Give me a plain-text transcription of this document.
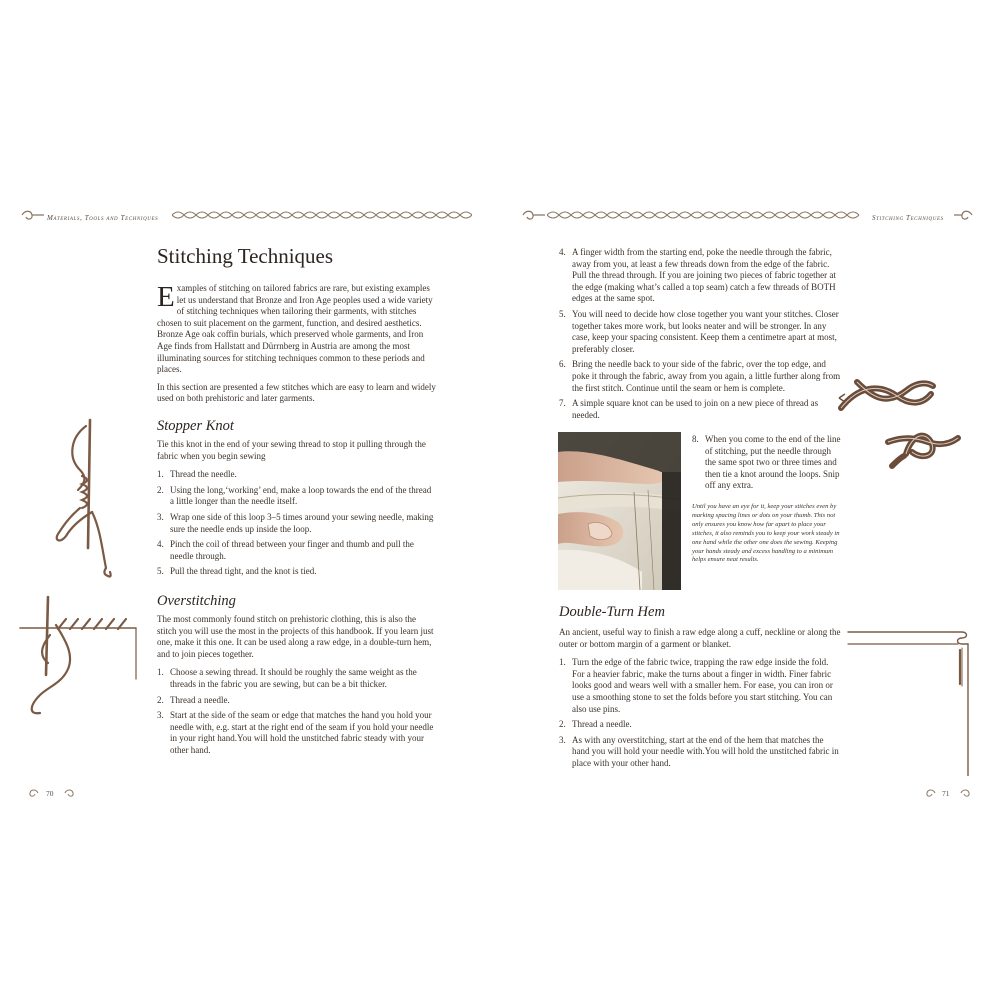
Materials, Tools and Techniques	Stitching Techniques
Stitching Techniques

Examples of stitching on tailored fabrics are rare, but existing examples let us understand that Bronze and Iron Age peoples used a wide variety of stitching techniques when tailoring their garments, with stitches chosen to suit placement on the garment, function, and desired aesthetics. Bronze Age oak coffin burials, which preserved whole garments, and Iron Age finds from Hallstatt and Dürrnberg in Austria are among the most illuminating sources for stitching techniques common to these periods and places.

In this section are presented a few stitches which are easy to learn and widely used on both prehistoric and later garments.

Stopper Knot

Tie this knot in the end of your sewing thread to stop it pulling through the fabric when you begin sewing

1. Thread the needle.
2. Using the long,‘working’ end, make a loop towards the end of the thread a little longer than the needle itself.
3. Wrap one side of this loop 3–5 times around your sewing needle, making sure the needle ends up inside the loop.
4. Pinch the coil of thread between your finger and thumb and pull the needle through.
5. Pull the thread tight, and the knot is tied.
Overstitching

The most commonly found stitch on prehistoric clothing, this is also the stitch you will use the most in the projects of this handbook. If you learn just one, make it this one. It can be used along a raw edge, in a double-turn hem, and to join pieces together.

1. Choose a sewing thread. It should be roughly the same weight as the threads in the fabric you are sewing, but can be a bit thicker.
2. Thread a needle.
3. Start at the side of the seam or edge that matches the hand you hold your needle with, e.g. start at the right end of the seam if you hold your needle in your right hand.You will hold the unstitched fabric steady with your other hand.
4. A finger width from the starting end, poke the needle through the fabric, away from you, at least a few threads down from the edge of the fabric. Pull the thread through. If you are joining two pieces of fabric together at the edge (making what’s called a top seam) catch a few threads of BOTH edges at the same spot.
5. You will need to decide how close together you want your stitches. Closer together takes more work, but looks neater and will be stronger. In any case, keep your spacing consistent. Keep them a centimetre apart at most, preferably closer.
6. Bring the needle back to your side of the fabric, over the top edge, and poke it through the fabric, away from you again, a little further along from the first stitch. Continue until the seam or hem is complete.
7. A simple square knot can be used to join on a new piece of thread as needed.
8. When you come to the end of the line of stitching, put the needle through the same spot two or three times and then tie a knot around the loops. Snip off any extra.
Until you have an eye for it, keep your stitches even by marking spacing lines or dots on your thumb. This not only ensures you know how far apart to place your stitches, it also reminds you to keep your work steady in one hand while the other one does the sewing. Keeping your hands steady and excess handling to a minimum helps ensure neat results.
Double-Turn Hem

An ancient, useful way to finish a raw edge along a cuff, neckline or along the outer or bottom margin of a garment or blanket.

1. Turn the edge of the fabric twice, trapping the raw edge inside the fold. For a heavier fabric, make the turns about a finger in width. Finer fabric looks good and wears well with a smaller hem. For ease, you can iron or use a smoothing stone to set the folds before you start stitching. You can also use pins.
2. Thread a needle.
3. As with any overstitching, start at the end of the hem that matches the hand you will hold your needle with.You will hold the unstitched fabric in place with your other hand.
70	71
